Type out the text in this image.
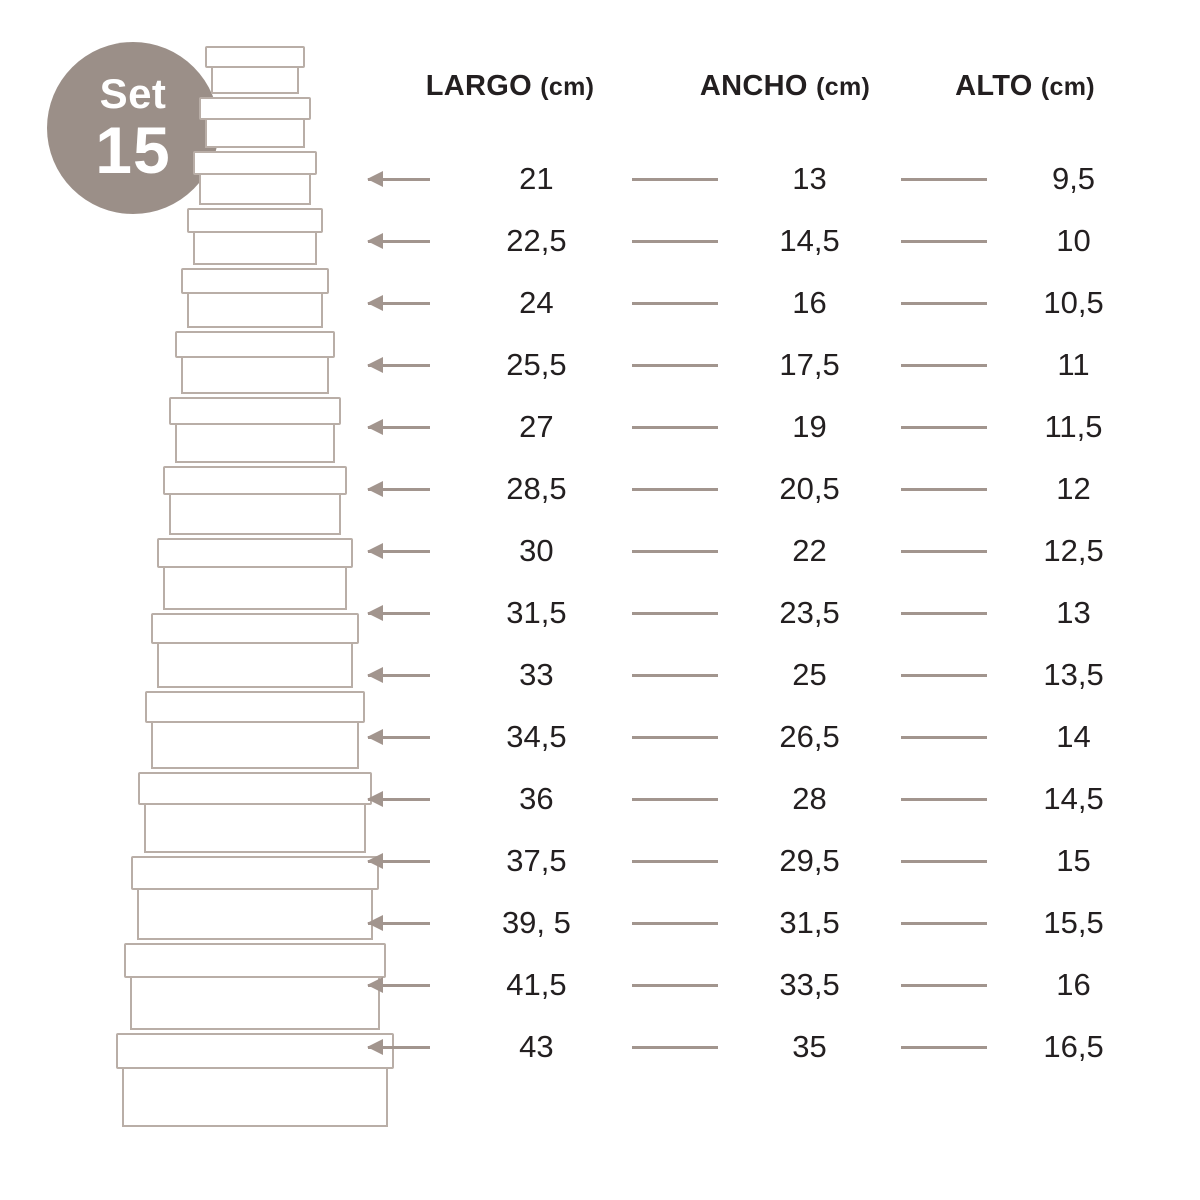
Set
15
LARGO (cm)	ANCHO (cm)	ALTO (cm)
21	13	9,5
22,5	14,5	10
24	16	10,5
25,5	17,5	11
27	19	11,5
28,5	20,5	12
30	22	12,5
31,5	23,5	13
33	25	13,5
34,5	26,5	14
36	28	14,5
37,5	29,5	15
39, 5	31,5	15,5
41,5	33,5	16
43	35	16,5
